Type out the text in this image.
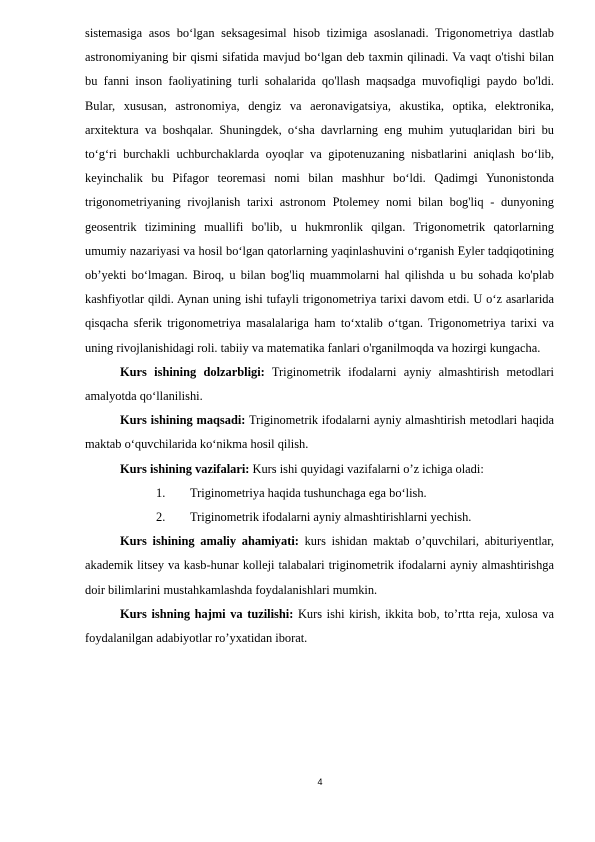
sistemasiga asos bo‘lgan seksagesimal hisob tizimiga asoslanadi. Trigonometriya dastlab astronomiyaning bir qismi sifatida mavjud bo‘lgan deb taxmin qilinadi. Va vaqt o'tishi bilan bu fanni inson faoliyatining turli sohalarida qo'llash maqsadga muvofiqligi paydo bo'ldi. Bular, xususan, astronomiya, dengiz va aeronavigatsiya, akustika, optika, elektronika, arxitektura va boshqalar. Shuningdek, o‘sha davrlarning eng muhim yutuqlaridan biri bu to‘g‘ri burchakli uchburchaklarda oyoqlar va gipotenuzaning nisbatlarini aniqlash bo‘lib, keyinchalik bu Pifagor teoremasi nomi bilan mashhur bo‘ldi. Qadimgi Yunonistonda trigonometriyaning rivojlanish tarixi astronom Ptolemey nomi bilan bog'liq - dunyoning geosentrik tizimining muallifi bo'lib, u hukmronlik qilgan. Trigonometrik qatorlarning umumiy nazariyasi va hosil bo‘lgan qatorlarning yaqinlashuvini o‘rganish Eyler tadqiqotining ob’yekti bo‘lmagan. Biroq, u bilan bog'liq muammolarni hal qilishda u bu sohada ko'plab kashfiyotlar qildi. Aynan uning ishi tufayli trigonometriya tarixi davom etdi. U o‘z asarlarida qisqacha sferik trigonometriya masalalariga ham to‘xtalib o‘tgan. Trigonometriya tarixi va uning rivojlanishidagi roli. tabiiy va matematika fanlari o'rganilmoqda va hozirgi kungacha.

Kurs ishining dolzarbligi: Triginometrik ifodalarni ayniy almashtirish metodlari amalyotda qo‘llanilishi.

Kurs ishining maqsadi: Triginometrik ifodalarni ayniy almashtirish metodlari haqida maktab o‘quvchilarida ko‘nikma hosil qilish.

Kurs ishining vazifalari: Kurs ishi quyidagi vazifalarni o’z ichiga oladi:

1.	Triginometriya haqida tushunchaga ega bo‘lish.
2.	Triginometrik ifodalarni ayniy almashtirishlarni yechish.

Kurs ishining amaliy ahamiyati: kurs ishidan maktab o’quvchilari, abituriyentlar, akademik litsey va kasb-hunar kolleji talabalari triginometrik ifodalarni ayniy almashtirishga doir bilimlarini mustahkamlashda foydalanishlari mumkin.

Kurs ishning hajmi va tuzilishi: Kurs ishi kirish, ikkita bob, to’rtta reja, xulosa va foydalanilgan adabiyotlar ro’yxatidan iborat.

4
